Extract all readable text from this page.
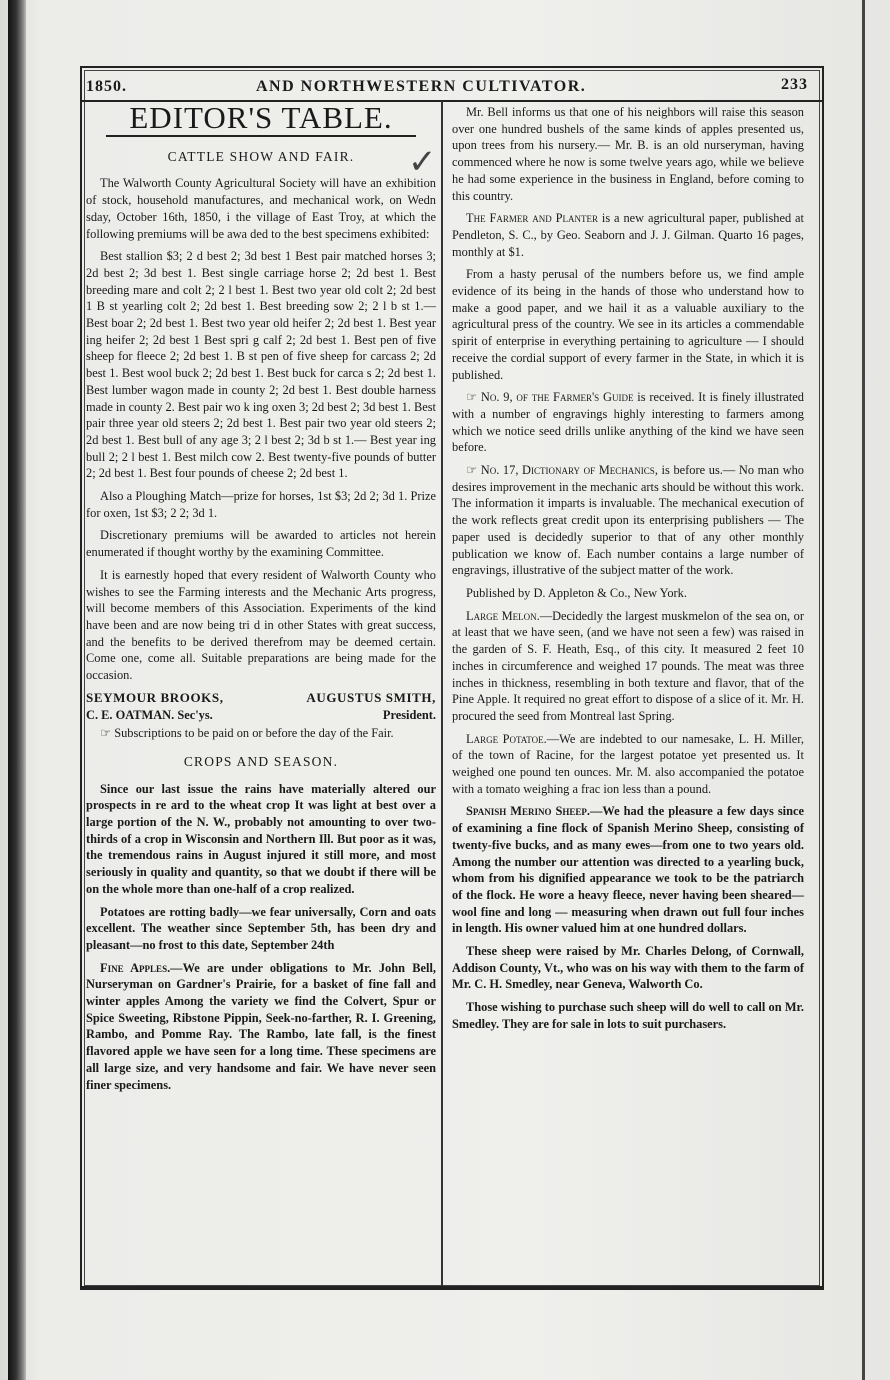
1850.	AND NORTHWESTERN CULTIVATOR.	233
✓
EDITOR'S TABLE.
CATTLE SHOW AND FAIR.

The Walworth County Agricultural Society will have an exhibition of stock, household manufactures, and mechanical work, on Wedn sday, October 16th, 1850, i the village of East Troy, at which the following premiums will be awa ded to the best specimens exhibited:

Best stallion $3; 2 d best 2; 3d best 1 Best pair matched horses 3; 2d best 2; 3d best 1. Best single carriage horse 2; 2d best 1. Best breeding mare and colt 2; 2 l best 1. Best two year old colt 2; 2d best 1 B st yearling colt 2; 2d best 1. Best breeding sow 2; 2 l b st 1.— Best boar 2; 2d best 1. Best two year old heifer 2; 2d best 1. Best year ing heifer 2; 2d best 1 Best spri g calf 2; 2d best 1. Best pen of five sheep for fleece 2; 2d best 1. B st pen of five sheep for carcass 2; 2d best 1. Best wool buck 2; 2d best 1. Best buck for carca s 2; 2d best 1. Best lumber wagon made in county 2; 2d best 1. Best double harness made in county 2. Best pair wo k ing oxen 3; 2d best 2; 3d best 1. Best pair three year old steers 2; 2d best 1. Best pair two year old steers 2; 2d best 1. Best bull of any age 3; 2 l best 2; 3d b st 1.— Best year ing bull 2; 2 l best 1. Best milch cow 2. Best twenty-five pounds of butter 2; 2d best 1. Best four pounds of cheese 2; 2d best 1.

Also a Ploughing Match—prize for horses, 1st $3; 2d 2; 3d 1. Prize for oxen, 1st $3; 2 2; 3d 1.

Discretionary premiums will be awarded to articles not herein enumerated if thought worthy by the examining Committee.

It is earnestly hoped that every resident of Walworth County who wishes to see the Farming interests and the Mechanic Arts progress, will become members of this Association. Experiments of the kind have been and are now being tri d in other States with great success, and the benefits to be derived therefrom may be deemed certain. Come one, come all. Suitable preparations are being made for the occasion.

SEYMOUR BROOKS,	AUGUSTUS SMITH,
C. E. OATMAN. Sec'ys.	President.

☞ Subscriptions to be paid on or before the day of the Fair.

CROPS AND SEASON.

Since our last issue the rains have materially altered our prospects in re ard to the wheat crop It was light at best over a large portion of the N. W., probably not amounting to over two-thirds of a crop in Wisconsin and Northern Ill. But poor as it was, the tremendous rains in August injured it still more, and most seriously in quality and quantity, so that we doubt if there will be on the whole more than one-half of a crop realized.

Potatoes are rotting badly—we fear universally, Corn and oats excellent. The weather since September 5th, has been dry and pleasant—no frost to this date, September 24th

Fine Apples.—We are under obligations to Mr. John Bell, Nurseryman on Gardner's Prairie, for a basket of fine fall and winter apples Among the variety we find the Colvert, Spur or Spice Sweeting, Ribstone Pippin, Seek-no-farther, R. I. Greening, Rambo, and Pomme Ray. The Rambo, late fall, is the finest flavored apple we have seen for a long time. These specimens are all large size, and very handsome and fair. We have never seen finer specimens.

Mr. Bell informs us that one of his neighbors will raise this season over one hundred bushels of the same kinds of apples presented us, upon trees from his nursery.— Mr. B. is an old nurseryman, having commenced where he now is some twelve years ago, while we believe he had some experience in the business in England, before coming to this country.

The Farmer and Planter is a new agricultural paper, published at Pendleton, S. C., by Geo. Seaborn and J. J. Gilman. Quarto 16 pages, monthly at $1.

From a hasty perusal of the numbers before us, we find ample evidence of its being in the hands of those who understand how to make a good paper, and we hail it as a valuable auxiliary to the agricultural press of the country. We see in its articles a commendable spirit of enterprise in everything pertaining to agriculture — I should receive the cordial support of every farmer in the State, in which it is published.

☞ No. 9, of the Farmer's Guide is received. It is finely illustrated with a number of engravings highly interesting to farmers among which we notice seed drills unlike anything of the kind we have seen before.

☞ No. 17, Dictionary of Mechanics, is before us.— No man who desires improvement in the mechanic arts should be without this work. The information it imparts is invaluable. The mechanical execution of the work reflects great credit upon its enterprising publishers — The paper used is decidedly superior to that of any other monthly publication we know of. Each number contains a large number of engravings, illustrative of the subject matter of the work.

Published by D. Appleton & Co., New York.

Large Melon.—Decidedly the largest muskmelon of the sea on, or at least that we have seen, (and we have not seen a few) was raised in the garden of S. F. Heath, Esq., of this city. It measured 2 feet 10 inches in circumference and weighed 17 pounds. The meat was three inches in thickness, resembling in both texture and flavor, that of the Pine Apple. It required no great effort to dispose of a slice of it. Mr. H. procured the seed from Montreal last Spring.

Large Potatoe.—We are indebted to our namesake, L. H. Miller, of the town of Racine, for the largest potatoe yet presented us. It weighed one pound ten ounces. Mr. M. also accompanied the potatoe with a tomato weighing a frac ion less than a pound.

Spanish Merino Sheep.—We had the pleasure a few days since of examining a fine flock of Spanish Merino Sheep, consisting of twenty-five bucks, and as many ewes—from one to two years old. Among the number our attention was directed to a yearling buck, whom from his dignified appearance we took to be the patriarch of the flock. He wore a heavy fleece, never having been sheared—wool fine and long — measuring when drawn out full four inches in length. His owner valued him at one hundred dollars.

These sheep were raised by Mr. Charles Delong, of Cornwall, Addison County, Vt., who was on his way with them to the farm of Mr. C. H. Smedley, near Geneva, Walworth Co.

Those wishing to purchase such sheep will do well to call on Mr. Smedley. They are for sale in lots to suit purchasers.
